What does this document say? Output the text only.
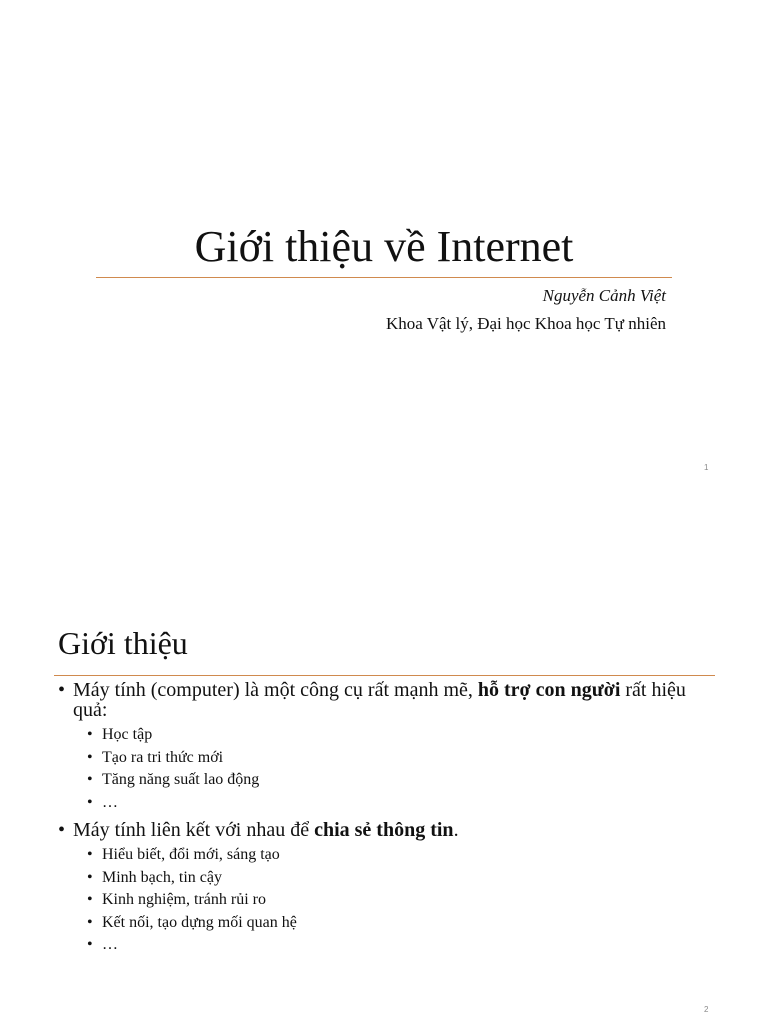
Giới thiệu về Internet
Nguyễn Cảnh Việt
Khoa Vật lý, Đại học Khoa học Tự nhiên
1
Giới thiệu
• Máy tính (computer) là một công cụ rất mạnh mẽ, hỗ trợ con người rất hiệu quả:
• Học tập
• Tạo ra tri thức mới
• Tăng năng suất lao động
• …
• Máy tính liên kết với nhau để chia sẻ thông tin.
• Hiểu biết, đổi mới, sáng tạo
• Minh bạch, tin cậy
• Kinh nghiệm, tránh rủi ro
• Kết nối, tạo dựng mối quan hệ
• …
2
